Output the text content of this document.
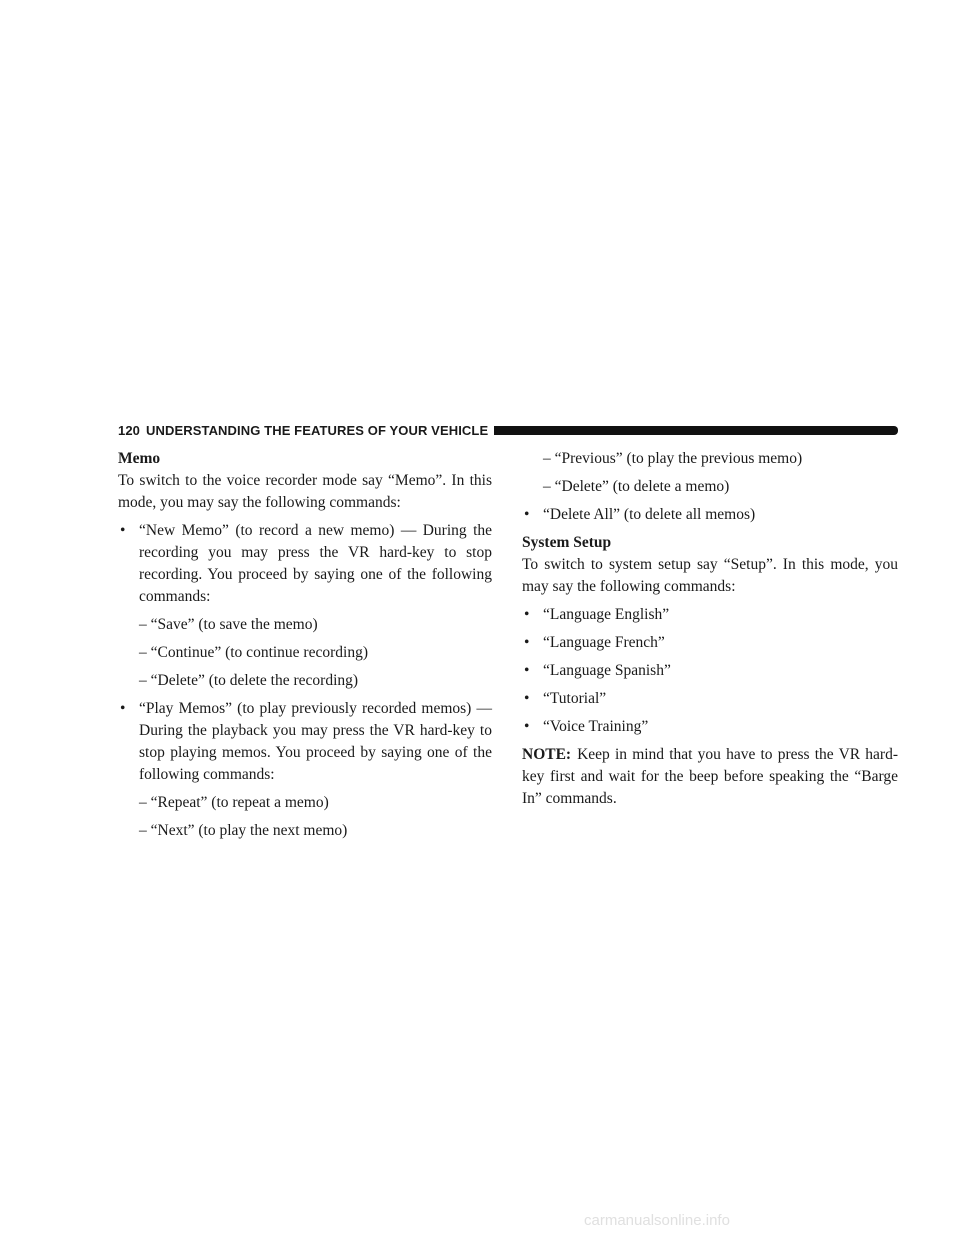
120 UNDERSTANDING THE FEATURES OF YOUR VEHICLE

Memo

To switch to the voice recorder mode say “Memo”. In this mode, you may say the following commands:

• “New Memo” (to record a new memo) — During the recording you may press the VR hard-key to stop recording. You proceed by saying one of the following commands:

– “Save” (to save the memo)

– “Continue” (to continue recording)

– “Delete” (to delete the recording)

• “Play Memos” (to play previously recorded memos) — During the playback you may press the VR hard-key to stop playing memos. You proceed by saying one of the following commands:

– “Repeat” (to repeat a memo)

– “Next” (to play the next memo)

– “Previous” (to play the previous memo)

– “Delete” (to delete a memo)

• “Delete All” (to delete all memos)

System Setup

To switch to system setup say “Setup”. In this mode, you may say the following commands:

• “Language English”
• “Language French”
• “Language Spanish”
• “Tutorial”
• “Voice Training”

NOTE: Keep in mind that you have to press the VR hard-key first and wait for the beep before speaking the “Barge In” commands.

carmanualsonline.info
